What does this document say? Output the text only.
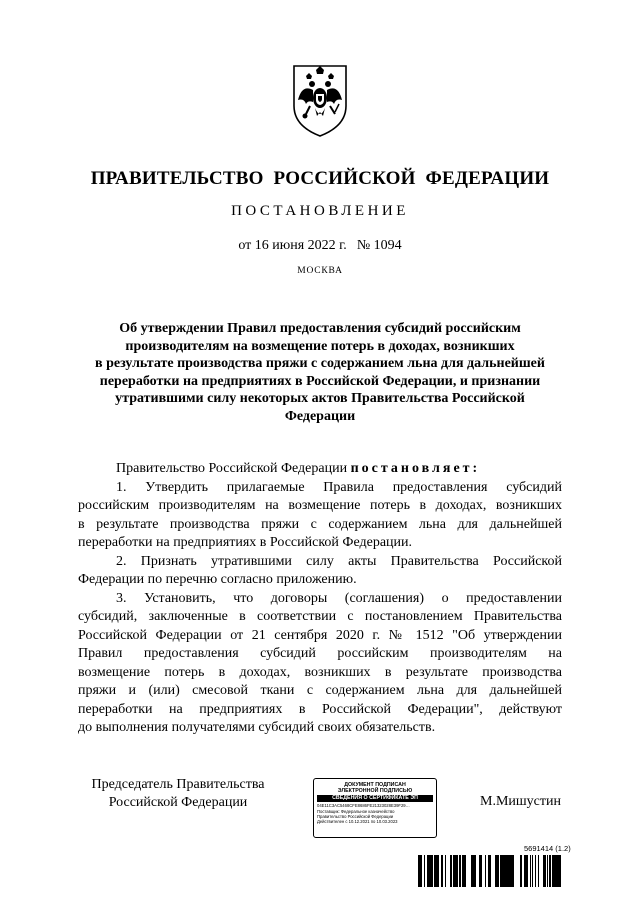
ПРАВИТЕЛЬСТВО  РОССИЙСКОЙ  ФЕДЕРАЦИИ
ПОСТАНОВЛЕНИЕ
от 16 июня 2022 г. № 1094
МОСКВА
Об утверждении Правил предоставления субсидий российским
производителям на возмещение потерь в доходах, возникших
в результате производства пряжи с содержанием льна для дальнейшей
переработки на предприятиях в Российской Федерации, и признании
утратившими силу некоторых актов Правительства Российской
Федерации

Правительство Российской Федерации постановляет:

1. Утвердить прилагаемые Правила предоставления субсидий

российским производителям на возмещение потерь в доходах, возникших

в результате производства пряжи с содержанием льна для дальнейшей

переработки на предприятиях в Российской Федерации.

2. Признать утратившими силу акты Правительства Российской

Федерации по перечню согласно приложению.

3. Установить, что договоры (соглашения) о предоставлении

субсидий, заключенные в соответствии с постановлением Правительства

Российской Федерации от 21 сентября 2020 г. № 1512 "Об утверждении

Правил предоставления субсидий российским производителям на

возмещение потерь в доходах, возникших в результате производства

пряжи и (или) смесовой ткани с содержанием льна для дальнейшей

переработки на предприятиях в Российской Федерации", действуют

до выполнения получателями субсидий своих обязательств.

Председатель Правительства
Российской Федерации
ДОКУМЕНТ ПОДПИСАН
ЭЛЕКТРОННОЙ ПОДПИСЬЮ
СВЕДЕНИЯ О СЕРТИФИКАТЕ ЭП
04E11C3AC5468CFE8686FE21323028E39F29…
Поставщик: Федеральное казначейство
Правительство Российской Федерации
Действителен с 10.12.2021 по 10.03.2023
М.Мишустин
5691414 (1.2)
